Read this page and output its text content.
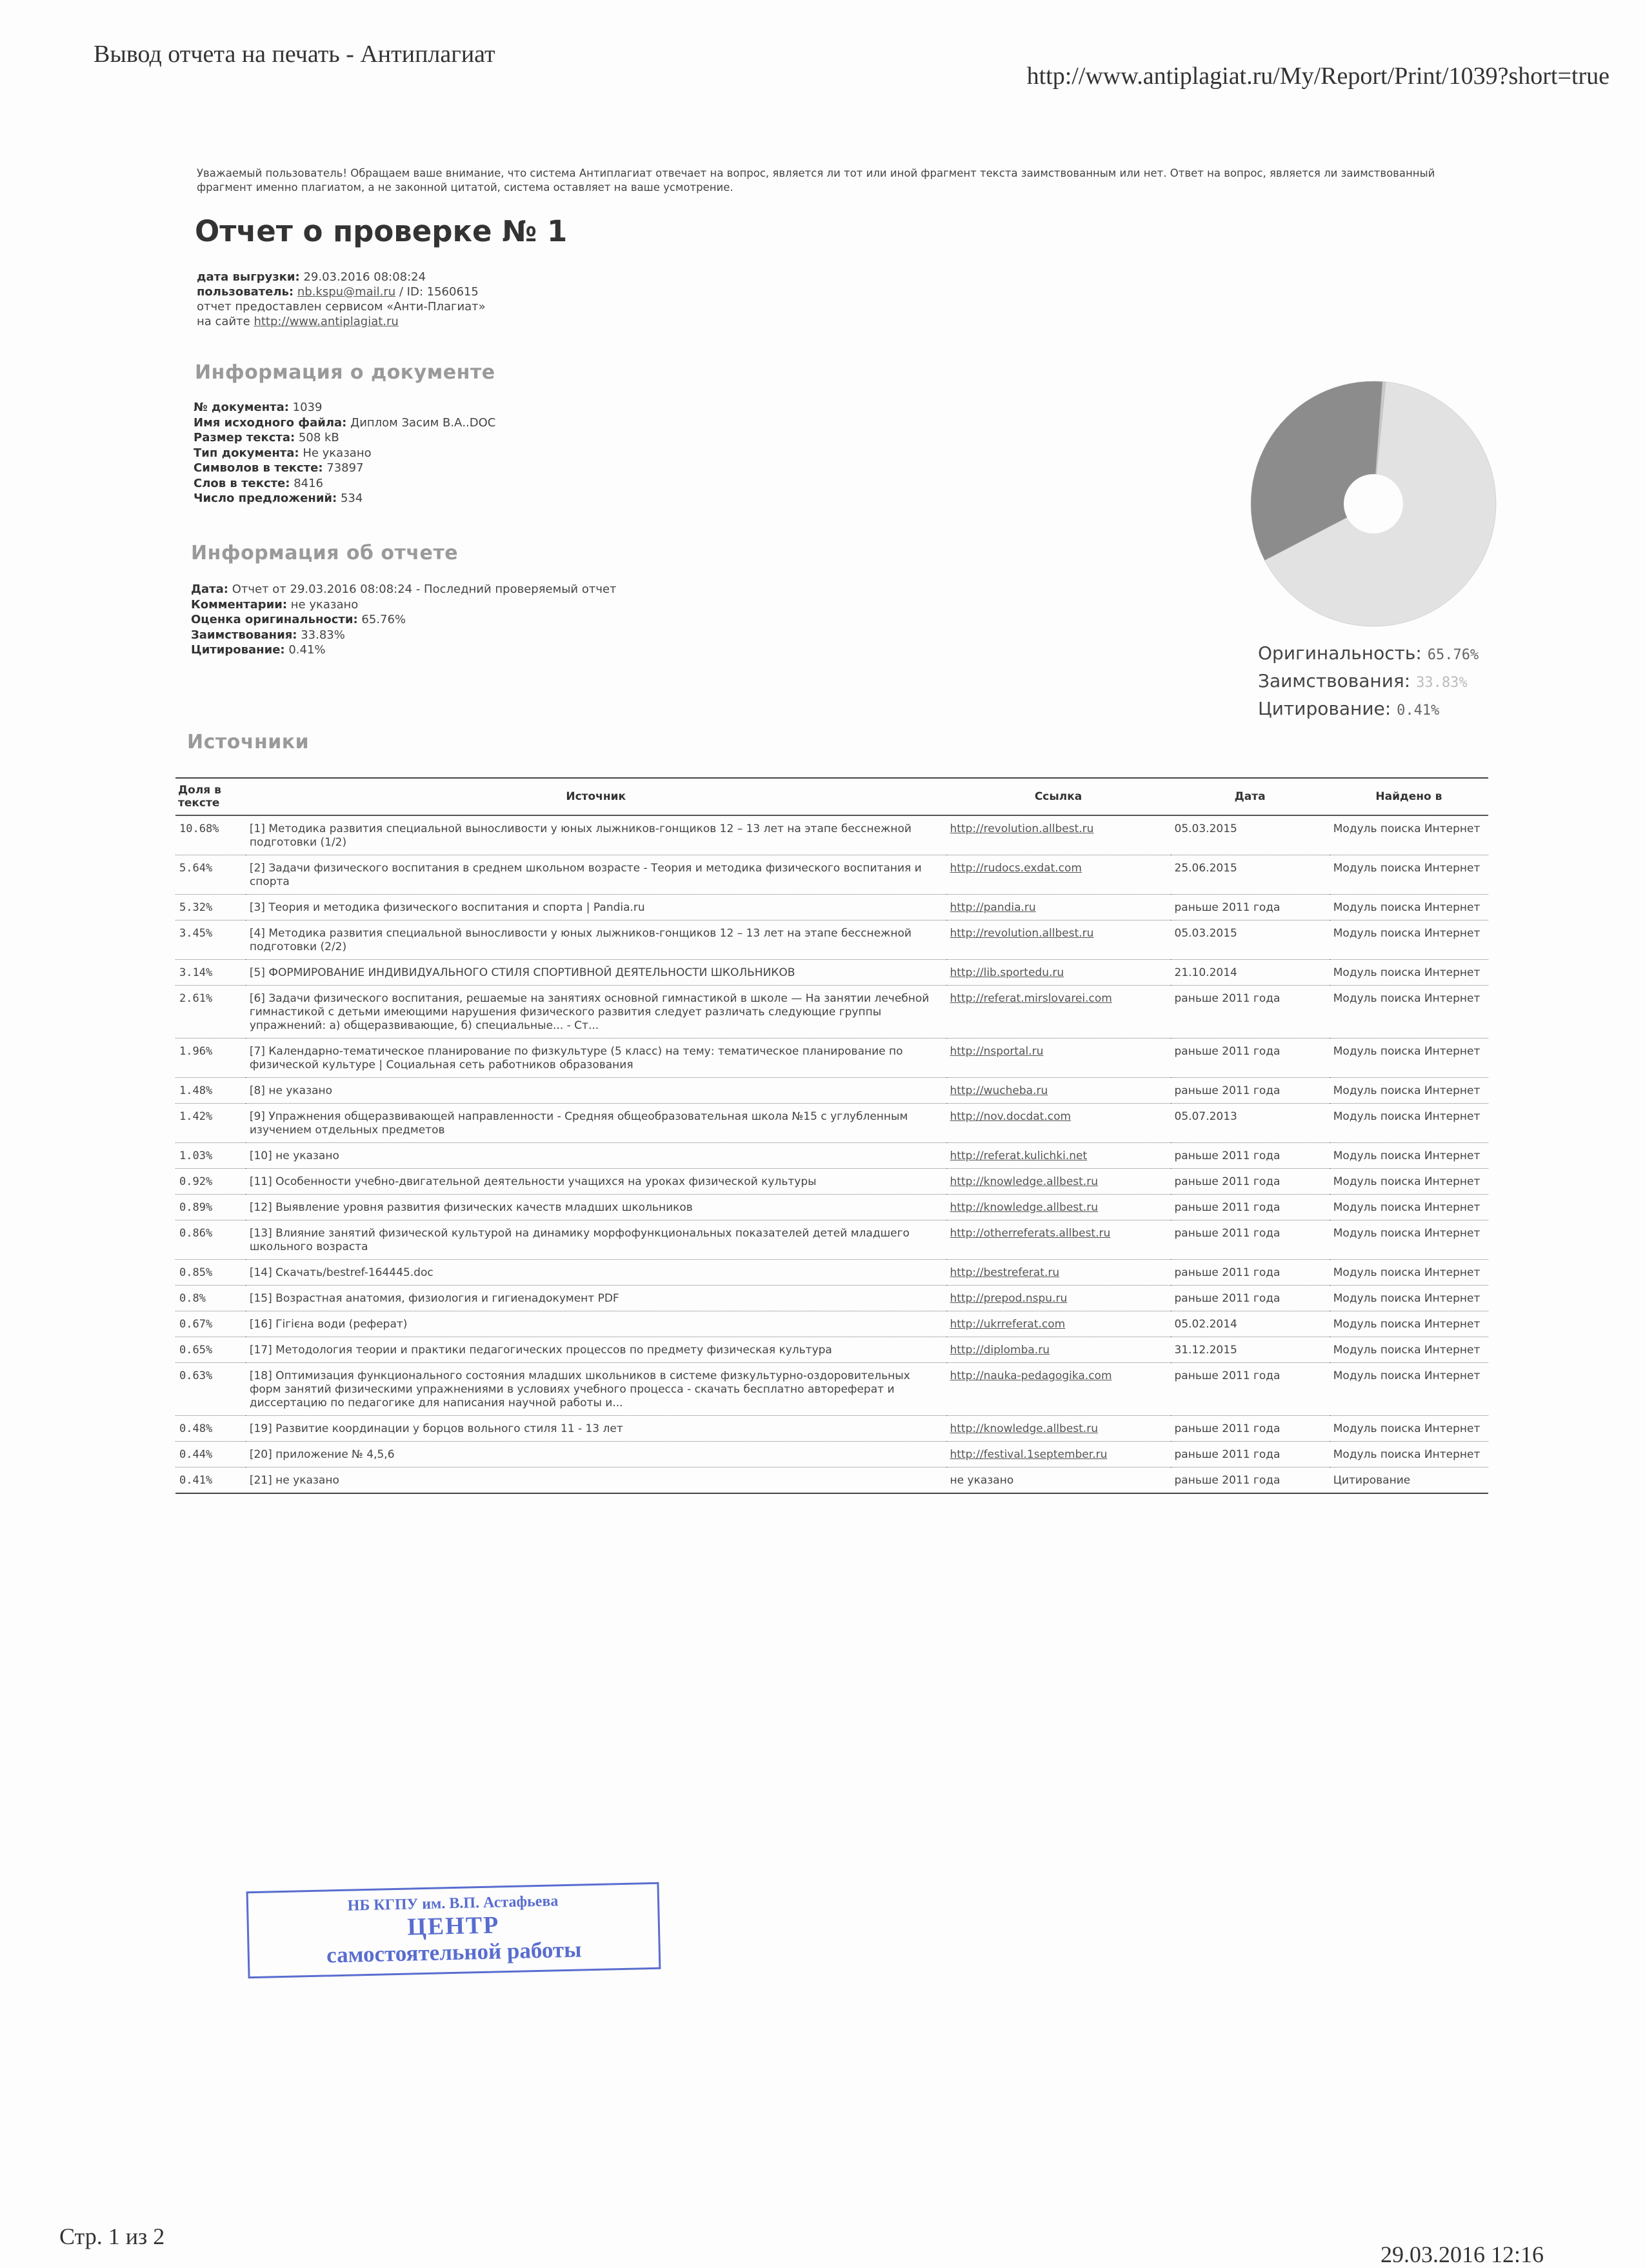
Вывод отчета на печать - Антиплагиат
http://www.antiplagiat.ru/My/Report/Print/1039?short=true
Уважаемый пользователь! Обращаем ваше внимание, что система Антиплагиат отвечает на вопрос, является ли тот или иной фрагмент текста заимствованным или нет. Ответ на вопрос, является ли заимствованный фрагмент именно плагиатом, а не законной цитатой, система оставляет на ваше усмотрение.
Отчет о проверке № 1
дата выгрузки: 29.03.2016 08:08:24
пользователь: nb.kspu@mail.ru / ID: 1560615
отчет предоставлен сервисом «Анти-Плагиат»
на сайте http://www.antiplagiat.ru
Информация о документе
№ документа: 1039
Имя исходного файла: Диплом Засим В.А..DOC
Размер текста: 508 kB
Тип документа: Не указано
Символов в тексте: 73897
Слов в тексте: 8416
Число предложений: 534
Информация об отчете
Дата: Отчет от 29.03.2016 08:08:24 - Последний проверяемый отчет
Комментарии: не указано
Оценка оригинальности: 65.76%
Заимствования: 33.83%
Цитирование: 0.41%	Оригинальность: 65.76%
Заимствования: 33.83%
Цитирование: 0.41%
Источники
Доля в тексте	Источник	Ссылка	Дата	Найдено в
10.68%	[1] Методика развития специальной выносливости у юных лыжников-гонщиков 12 – 13 лет на этапе бесснежной подготовки (1/2)	http://revolution.allbest.ru	05.03.2015	Модуль поиска Интернет
5.64%	[2] Задачи физического воспитания в среднем школьном возрасте - Теория и методика физического воспитания и спорта	http://rudocs.exdat.com	25.06.2015	Модуль поиска Интернет
5.32%	[3] Теория и методика физического воспитания и спорта | Pandia.ru	http://pandia.ru	раньше 2011 года	Модуль поиска Интернет
3.45%	[4] Методика развития специальной выносливости у юных лыжников-гонщиков 12 – 13 лет на этапе бесснежной подготовки (2/2)	http://revolution.allbest.ru	05.03.2015	Модуль поиска Интернет
3.14%	[5] ФОРМИРОВАНИЕ ИНДИВИДУАЛЬНОГО СТИЛЯ СПОРТИВНОЙ ДЕЯТЕЛЬНОСТИ ШКОЛЬНИКОВ	http://lib.sportedu.ru	21.10.2014	Модуль поиска Интернет
2.61%	[6] Задачи физического воспитания, решаемые на занятиях основной гимнастикой в школе — На занятии лечебной гимнастикой с детьми имеющими нарушения физического развития следует различать следующие группы упражнений: а) общеразвивающие, б) специальные... - Ст...	http://referat.mirslovarei.com	раньше 2011 года	Модуль поиска Интернет
1.96%	[7] Календарно-тематическое планирование по физкультуре (5 класс) на тему: тематическое планирование по физической культуре | Социальная сеть работников образования	http://nsportal.ru	раньше 2011 года	Модуль поиска Интернет
1.48%	[8] не указано	http://wucheba.ru	раньше 2011 года	Модуль поиска Интернет
1.42%	[9] Упражнения общеразвивающей направленности - Средняя общеобразовательная школа №15 с углубленным изучением отдельных предметов	http://nov.docdat.com	05.07.2013	Модуль поиска Интернет
1.03%	[10] не указано	http://referat.kulichki.net	раньше 2011 года	Модуль поиска Интернет
0.92%	[11] Особенности учебно-двигательной деятельности учащихся на уроках физической культуры	http://knowledge.allbest.ru	раньше 2011 года	Модуль поиска Интернет
0.89%	[12] Выявление уровня развития физических качеств младших школьников	http://knowledge.allbest.ru	раньше 2011 года	Модуль поиска Интернет
0.86%	[13] Влияние занятий физической культурой на динамику морфофункциональных показателей детей младшего школьного возраста	http://otherreferats.allbest.ru	раньше 2011 года	Модуль поиска Интернет
0.85%	[14] Скачать/bestref-164445.doc	http://bestreferat.ru	раньше 2011 года	Модуль поиска Интернет
0.8%	[15] Возрастная анатомия, физиология и гигиенадокумент PDF	http://prepod.nspu.ru	раньше 2011 года	Модуль поиска Интернет
0.67%	[16] Гігієна води (реферат)	http://ukrreferat.com	05.02.2014	Модуль поиска Интернет
0.65%	[17] Методология теории и практики педагогических процессов по предмету физическая культура	http://diplomba.ru	31.12.2015	Модуль поиска Интернет
0.63%	[18] Оптимизация функционального состояния младших школьников в системе физкультурно-оздоровительных форм занятий физическими упражнениями в условиях учебного процесса - скачать бесплатно автореферат и диссертацию по педагогике для написания научной работы и...	http://nauka-pedagogika.com	раньше 2011 года	Модуль поиска Интернет
0.48%	[19] Развитие координации у борцов вольного стиля 11 - 13 лет	http://knowledge.allbest.ru	раньше 2011 года	Модуль поиска Интернет
0.44%	[20] приложение № 4,5,6	http://festival.1september.ru	раньше 2011 года	Модуль поиска Интернет
0.41%	[21] не указано	не указано	раньше 2011 года	Цитирование
НБ КГПУ им. В.П. Астафьева
ЦЕНТР
самостоятельной работы
Стр. 1 из 2
29.03.2016 12:16
